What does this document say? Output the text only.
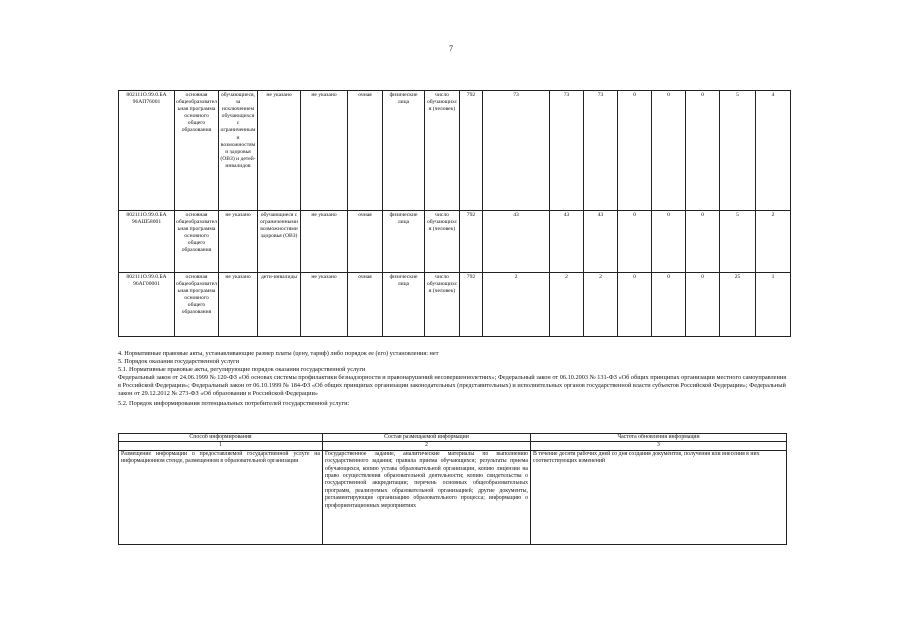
7
802111О.99.0.БА 96АП76001	основная общеобразовательная программа основного общего образования	обучающиеся, за исключением обучающихся с ограниченными возможностями здоровья (ОВЗ) и детей-инвалидов	не указано	не указано	очная	физические лица	число обучающихся (человек)	792	73	73	73	0	0	0	5	4
802111О.99.0.БА 96АШ58001	основная общеобразовательная программа основного общего образования	не указано	обучающиеся с ограниченными возможностями здоровья (ОВЗ)	не указано	очная	физические лица	число обучающихся (человек)	792	43	43	43	0	0	0	5	2
802111О.99.0.БА 96АГ00001	основная общеобразовательная программа основного общего образования	не указано	дети-инвалиды	не указано	очная	физические лица	число обучающихся (человек)	792	2	2	2	0	0	0	25	1

4. Нормативные правовые акты, устанавливающие размер платы (цену, тариф) либо порядок ее (его) установления: нет

5. Порядок оказания государственной услуги

5.1. Нормативные правовые акты, регулирующие порядок оказания государственной услуги

Федеральный закон от 24.06.1999 № 120-ФЗ «Об основах системы профилактики безнадзорности и правонарушений несовершеннолетних»; Федеральный закон от 06.10.2003 № 131-ФЗ «Об общих принципах организации местного самоуправления в Российской Федерации»; Федеральный закон от 06.10.1999 № 184-ФЗ «Об общих принципах организации законодательных (представительных) и исполнительных органов государственной власти субъектов Российской Федерации»; Федеральный закон от 29.12.2012 № 273-ФЗ «Об образовании в Российской Федерации»

5.2. Порядок информирования потенциальных потребителей государственной услуги:

Способ информирования	Состав размещаемой информации	Частота обновления информации
1	2	3
Размещение информации о предоставляемой государственной услуге на информационном стенде, размещенном в образовательной организации	Государственное задание, аналитические материалы по выполнению государственного задания; правила приема обучающихся; результаты приема обучающихся, копию устава образовательной организации, копию лицензии на право осуществления образовательной деятельности; копию свидетельства о государственной аккредитации; перечень основных общеобразовательных программ, реализуемых образовательной организацией; другие документы, регламентирующие организацию образовательного процесса; информацию о профориентационных мероприятиях	В течение десяти рабочих дней со дня создания документов, получения или внесения в них соответствующих изменений
